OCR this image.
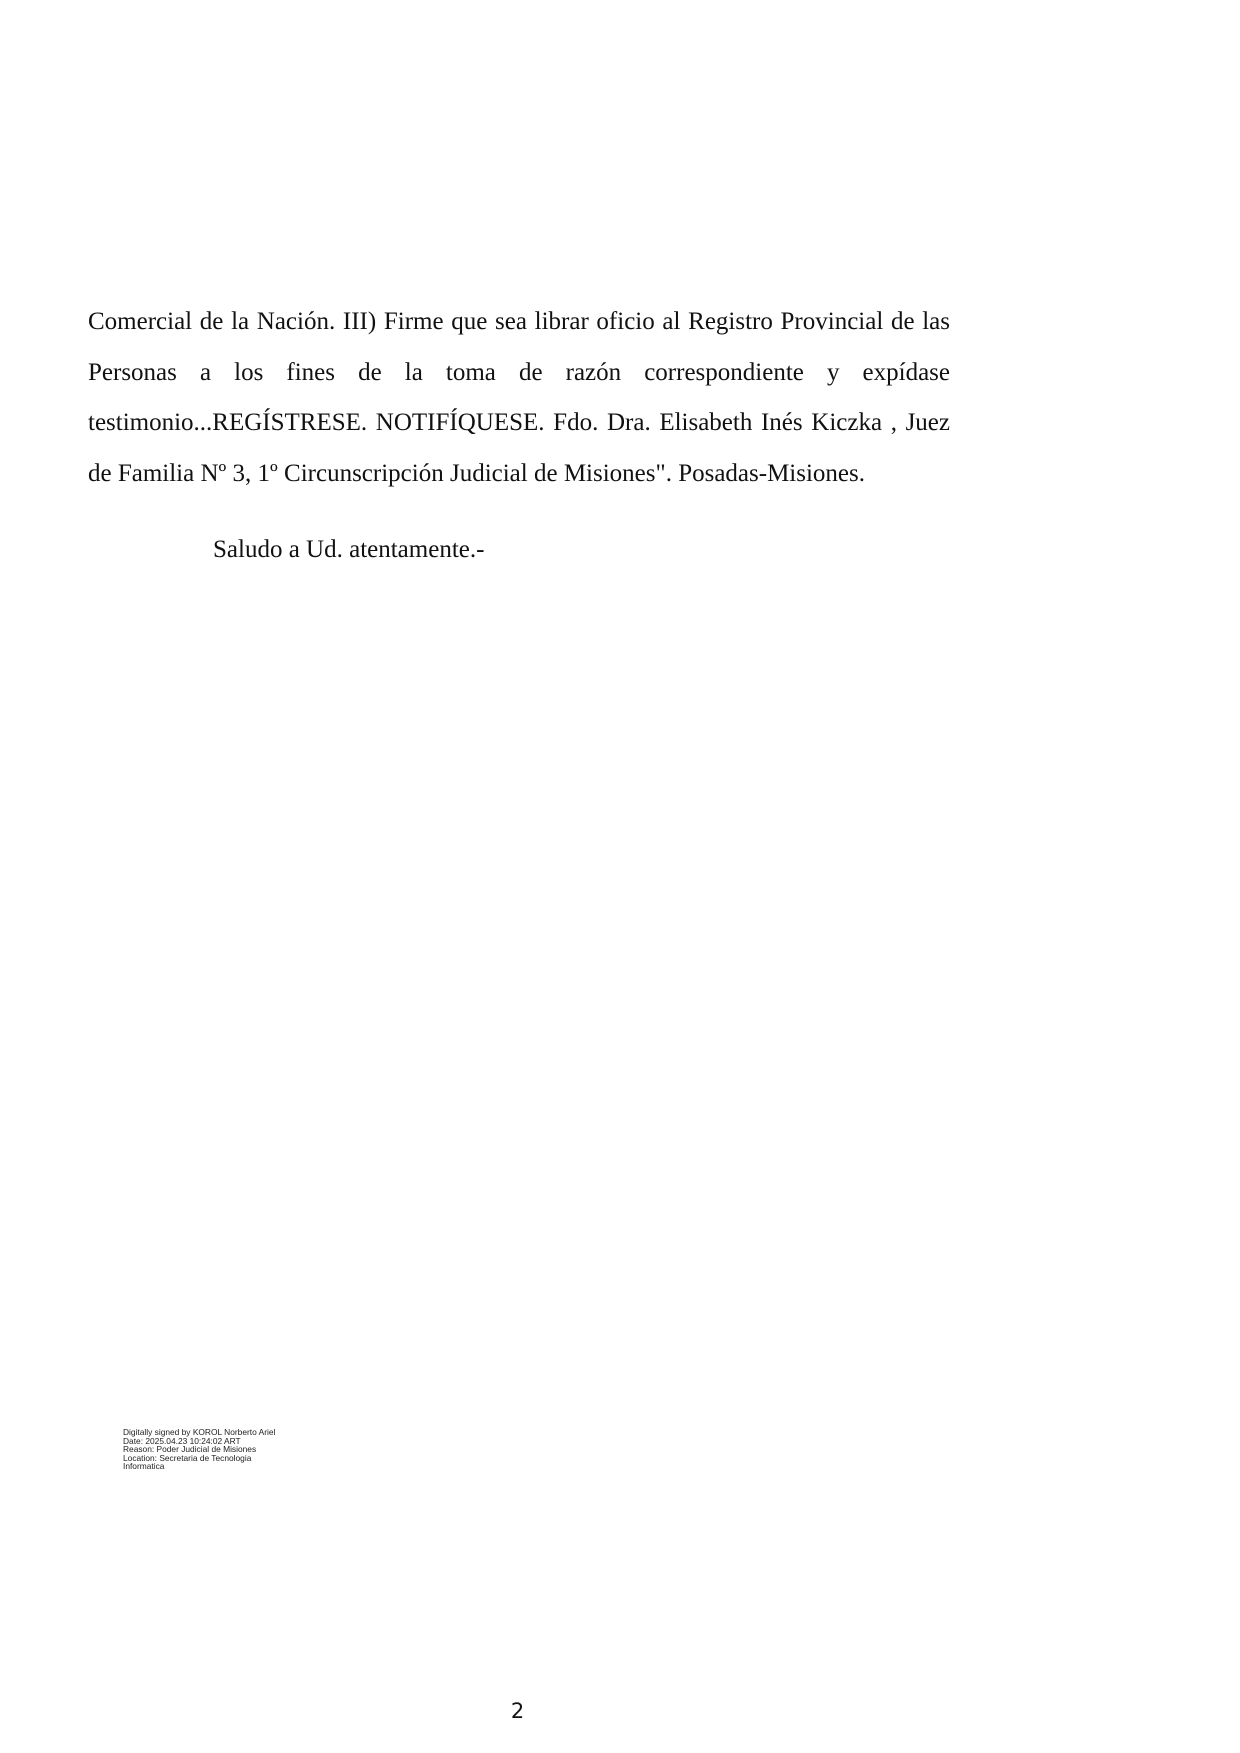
Comercial de la Nación. III) Firme que sea librar oficio al Registro Provincial de las Personas a los fines de la toma de razón correspondiente y expídase testimonio...REGÍSTRESE. NOTIFÍQUESE. Fdo. Dra. Elisabeth Inés Kiczka , Juez de Familia Nº 3, 1º Circunscripción Judicial de Misiones". Posadas-Misiones.

Saludo a Ud. atentamente.-

Digitally signed by KOROL Norberto Ariel
Date: 2025.04.23 10:24:02 ART
Reason: Poder Judicial de Misiones
Location: Secretaria de Tecnologia
Informatica
2
